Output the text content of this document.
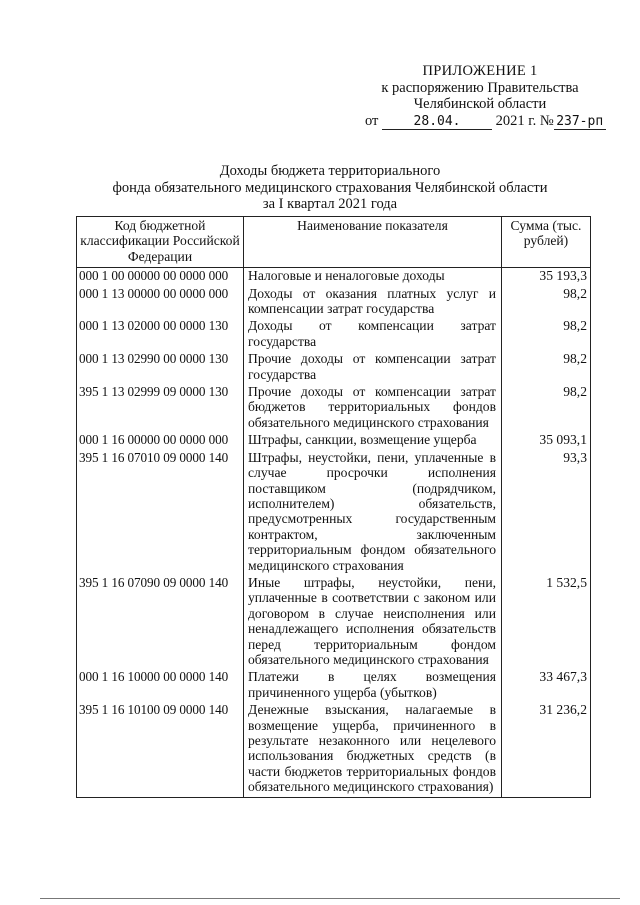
ПРИЛОЖЕНИЕ 1
к распоряжению Правительства
Челябинской области
от	28.04. 2021 г. № 237-рп
Доходы бюджета территориального
фонда обязательного медицинского страхования Челябинской области
за I квартал 2021 года
Код бюджетной классификации Российской Федерации	Наименование показателя	Сумма (тыс. рублей)
000 1 00 00000 00 0000 000	Налоговые и неналоговые доходы	35 193,3
000 1 13 00000 00 0000 000	Доходы от оказания платных услуг и компенсации затрат государства	98,2
000 1 13 02000 00 0000 130	Доходы от компенсации затрат государства	98,2
000 1 13 02990 00 0000 130	Прочие доходы от компенсации затрат государства	98,2
395 1 13 02999 09 0000 130	Прочие доходы от компенсации затрат бюджетов территориальных фондов обязательного медицинского страхования	98,2
000 1 16 00000 00 0000 000	Штрафы, санкции, возмещение ущерба	35 093,1
395 1 16 07010 09 0000 140	Штрафы, неустойки, пени, уплаченные в случае просрочки исполнения поставщиком (подрядчиком, исполнителем) обязательств, предусмотренных государственным контрактом, заключенным территориальным фондом обязательного медицинского страхования	93,3
395 1 16 07090 09 0000 140	Иные штрафы, неустойки, пени, уплаченные в соответствии с законом или договором в случае неисполнения или ненадлежащего исполнения обязательств перед территориальным фондом обязательного медицинского страхования	1 532,5
000 1 16 10000 00 0000 140	Платежи в целях возмещения причиненного ущерба (убытков)	33 467,3
395 1 16 10100 09 0000 140	Денежные взыскания, налагаемые в возмещение ущерба, причиненного в результате незаконного или нецелевого использования бюджетных средств (в части бюджетов территориальных фондов обязательного медицинского страхования)	31 236,2
